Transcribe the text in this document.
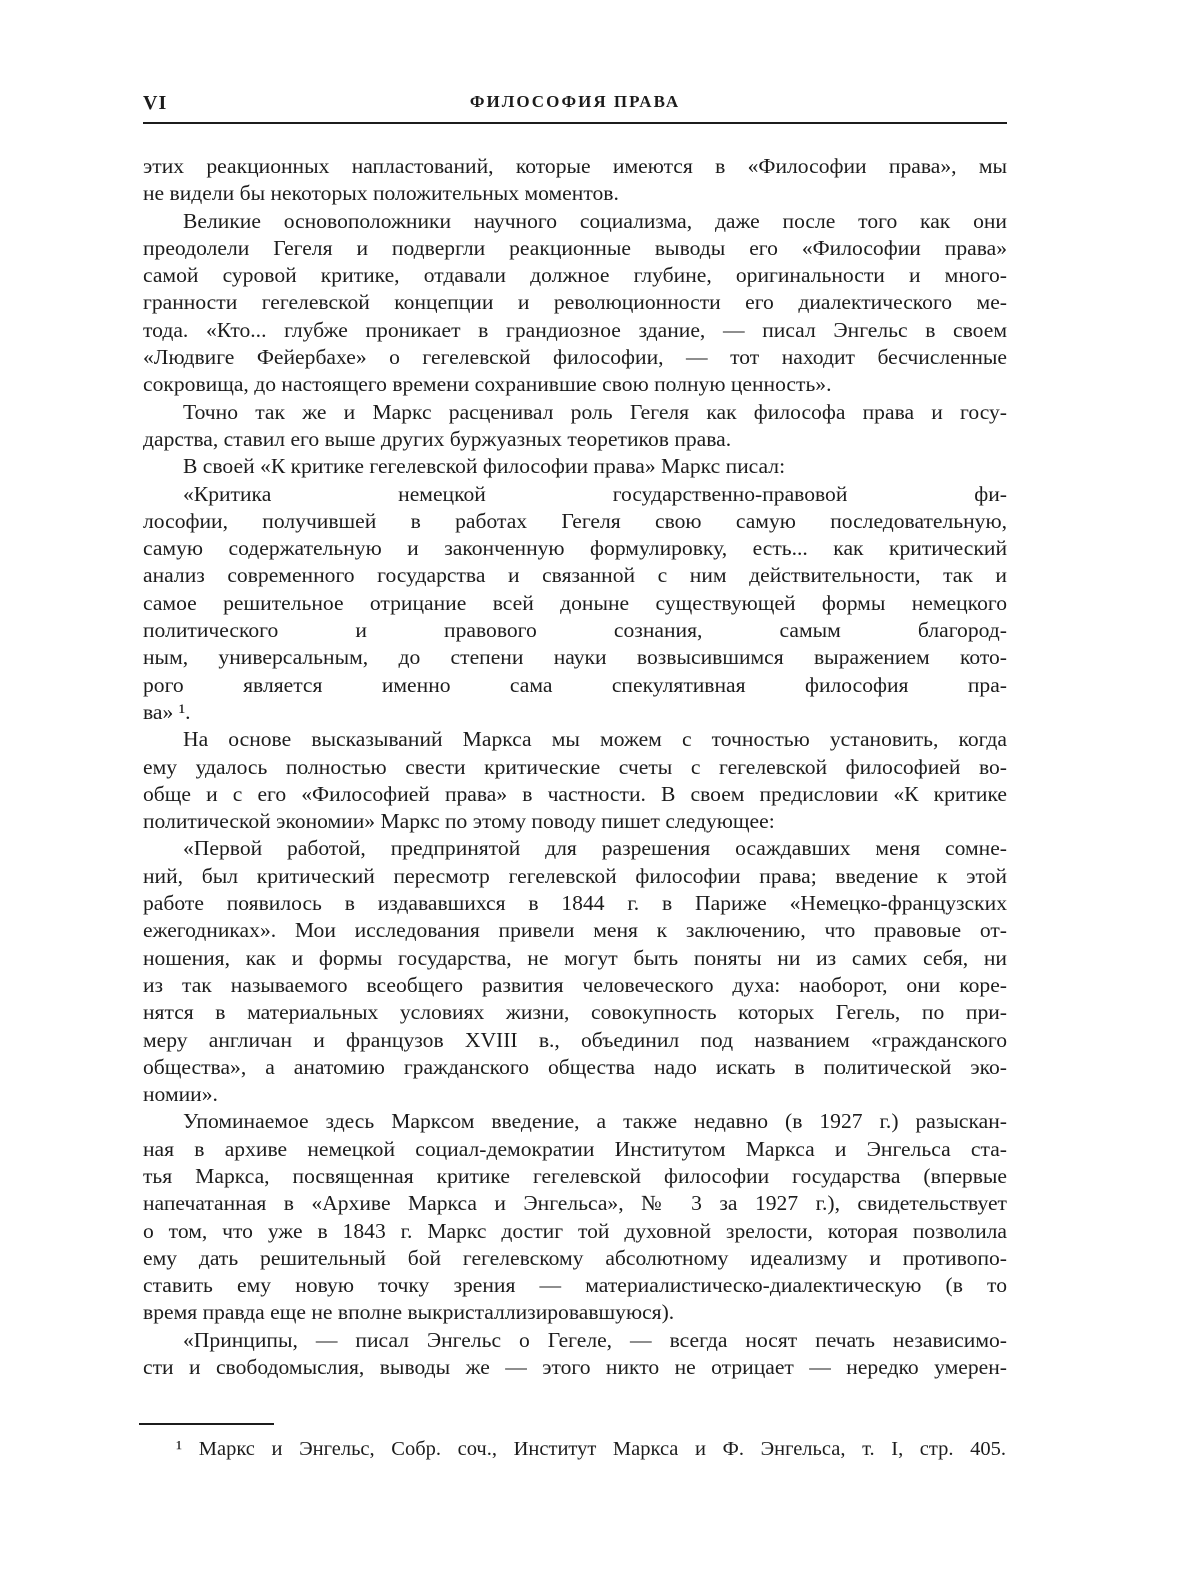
VI	ФИЛОСОФИЯ ПРАВА
этих реакционных напластований, которые имеются в «Философии права», мы
не видели бы некоторых положительных моментов.
Великие основоположники научного социализма, даже после того как они
преодолели Гегеля и подвергли реакционные выводы его «Философии права»
самой суровой критике, отдавали должное глубине, оригинальности и много-
гранности гегелевской концепции и революционности его диалектического ме-
тода. «Кто... глубже проникает в грандиозное здание, — писал Энгельс в своем
«Людвиге Фейербахе» о гегелевской философии, — тот находит бесчисленные
сокровища, до настоящего времени сохранившие свою полную ценность».
Точно так же и Маркс расценивал роль Гегеля как философа права и госу-
дарства, ставил его выше других буржуазных теоретиков права.
В своей «К критике гегелевской философии права» Маркс писал:
«Критика немецкой государственно-правовой фи-
лософии, получившей в работах Гегеля свою самую последовательную,
самую содержательную и законченную формулировку, есть... как критический
анализ современного государства и связанной с ним действительности, так и
самое решительное отрицание всей доныне существующей формы немецкого
политического и правового сознания, самым благород-
ным, универсальным, до степени науки возвысившимся выражением кото-
рого является именно сама спекулятивная философия пра-
ва» ¹.
На основе высказываний Маркса мы можем с точностью установить, когда
ему удалось полностью свести критические счеты с гегелевской философией во-
обще и с его «Философией права» в частности. В своем предисловии «К критике
политической экономии» Маркс по этому поводу пишет следующее:
«Первой работой, предпринятой для разрешения осаждавших меня сомне-
ний, был критический пересмотр гегелевской философии права; введение к этой
работе появилось в издававшихся в 1844 г. в Париже «Немецко-французских
ежегодниках». Мои исследования привели меня к заключению, что правовые от-
ношения, как и формы государства, не могут быть поняты ни из самих себя, ни
из так называемого всеобщего развития человеческого духа: наоборот, они коре-
нятся в материальных условиях жизни, совокупность которых Гегель, по при-
меру англичан и французов XVIII в., объединил под названием «гражданского
общества», а анатомию гражданского общества надо искать в политической эко-
номии».
Упоминаемое здесь Марксом введение, а также недавно (в 1927 г.) разыскан-
ная в архиве немецкой социал-демократии Институтом Маркса и Энгельса ста-
тья Маркса, посвященная критике гегелевской философии государства (впервые
напечатанная в «Архиве Маркса и Энгельса», № 3 за 1927 г.), свидетельствует
о том, что уже в 1843 г. Маркс достиг той духовной зрелости, которая позволила
ему дать решительный бой гегелевскому абсолютному идеализму и противопо-
ставить ему новую точку зрения — материалистическо-диалектическую (в то
время правда еще не вполне выкристаллизировавшуюся).
«Принципы, — писал Энгельс о Гегеле, — всегда носят печать независимо-
сти и свободомыслия, выводы же — этого никто не отрицает — нередко умерен-
¹ Маркс и Энгельс, Собр. соч., Институт Маркса и Ф. Энгельса, т. I, стр. 405.
